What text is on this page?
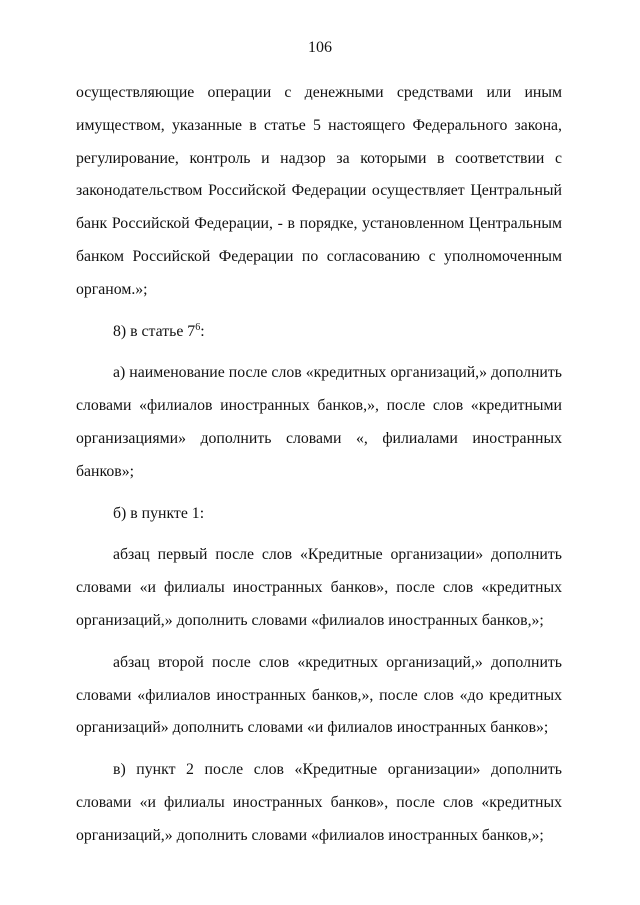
106

осуществляющие операции с денежными средствами или иным имуществом, указанные в статье 5 настоящего Федерального закона, регулирование, контроль и надзор за которыми в соответствии с законодательством Российской Федерации осуществляет Центральный банк Российской Федерации, - в порядке, установленном Центральным банком Российской Федерации по согласованию с уполномоченным органом.»;

8) в статье $7^6$:

а) наименование после слов «кредитных организаций,» дополнить словами «филиалов иностранных банков,», после слов «кредитными организациями» дополнить словами «, филиалами иностранных банков»;

б) в пункте 1:

абзац первый после слов «Кредитные организации» дополнить словами «и филиалы иностранных банков», после слов «кредитных организаций,» дополнить словами «филиалов иностранных банков,»;

абзац второй после слов «кредитных организаций,» дополнить словами «филиалов иностранных банков,», после слов «до кредитных организаций» дополнить словами «и филиалов иностранных банков»;

в) пункт 2 после слов «Кредитные организации» дополнить словами «и филиалы иностранных банков», после слов «кредитных организаций,» дополнить словами «филиалов иностранных банков,»;
